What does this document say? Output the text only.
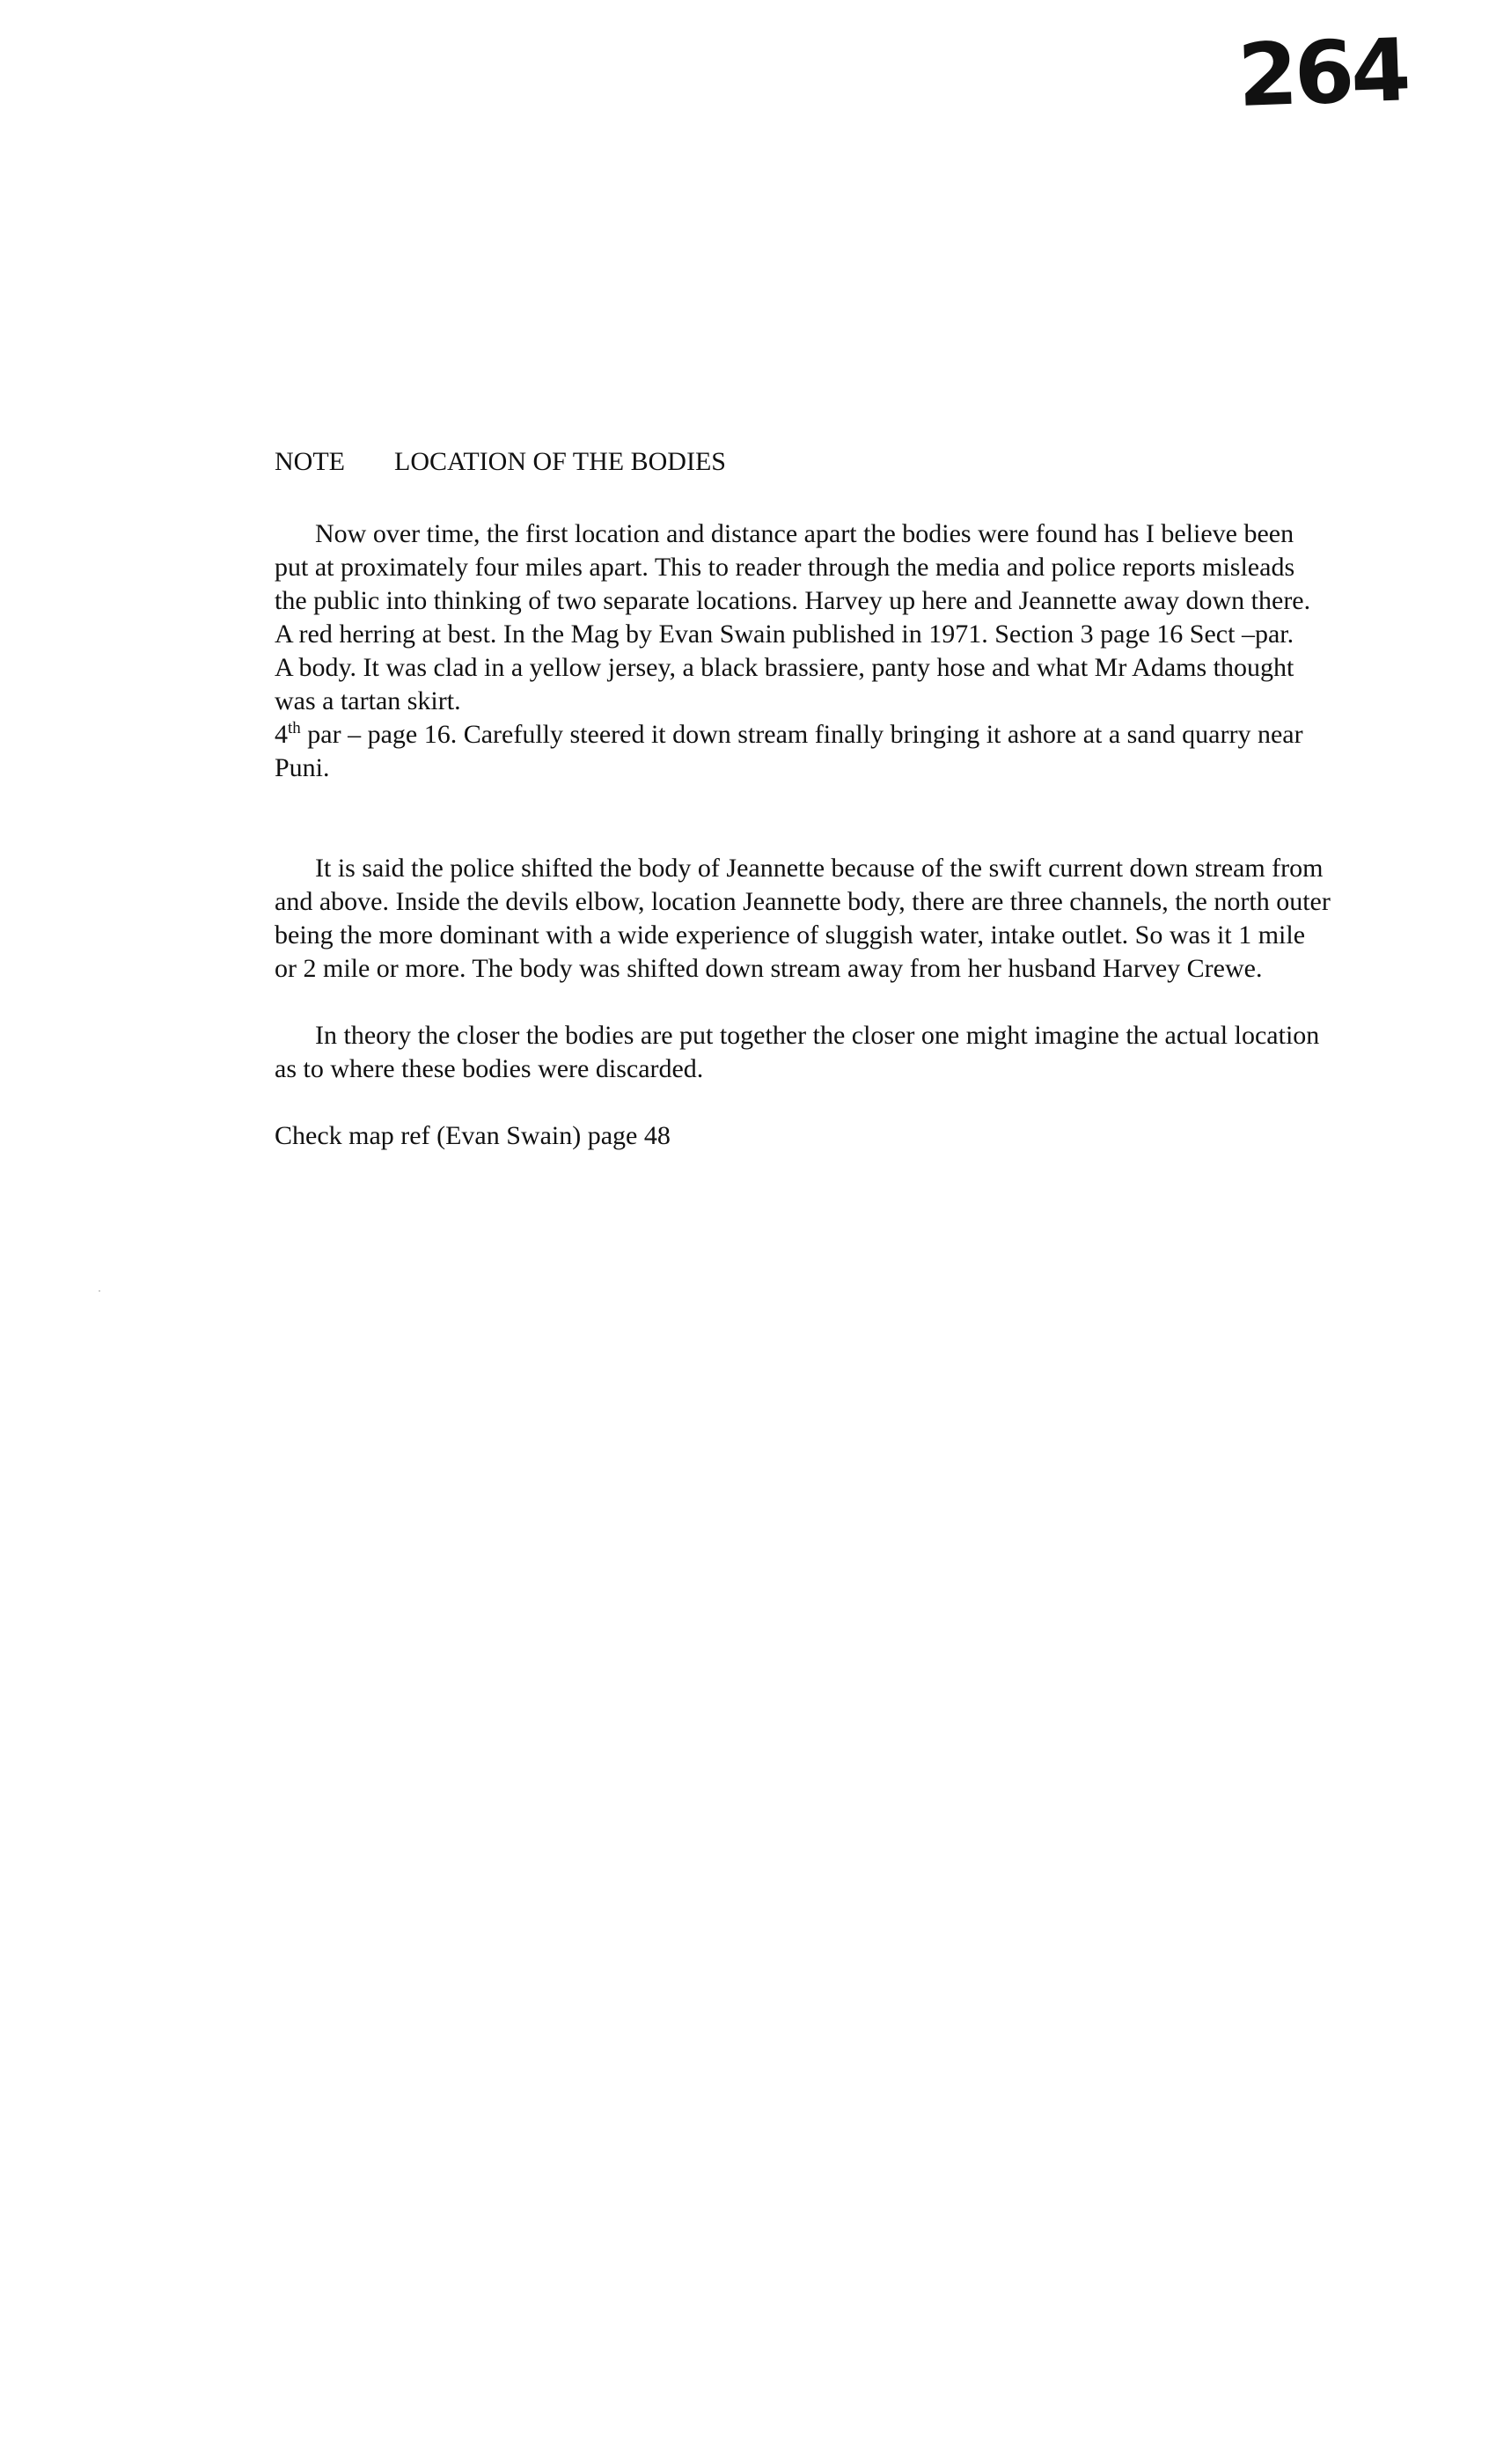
264
NOTE	LOCATION OF THE BODIES

Now over time, the first location and distance apart the bodies were found has I believe been put at proximately four miles apart. This to reader through the media and police reports misleads the public into thinking of two separate locations. Harvey up here and Jeannette away down there. A red herring at best. In the Mag by Evan Swain published in 1971. Section 3 page 16 Sect –par.

A body. It was clad in a yellow jersey, a black brassiere, panty hose and what Mr Adams thought was a tartan skirt.

4th par – page 16. Carefully steered it down stream finally bringing it ashore at a sand quarry near Puni.

It is said the police shifted the body of Jeannette because of the swift current down stream from and above. Inside the devils elbow, location Jeannette body, there are three channels, the north outer being the more dominant with a wide experience of sluggish water, intake outlet. So was it 1 mile or 2 mile or more. The body was shifted down stream away from her husband Harvey Crewe.

In theory the closer the bodies are put together the closer one might imagine the actual location as to where these bodies were discarded.

Check map ref (Evan Swain) page 48
